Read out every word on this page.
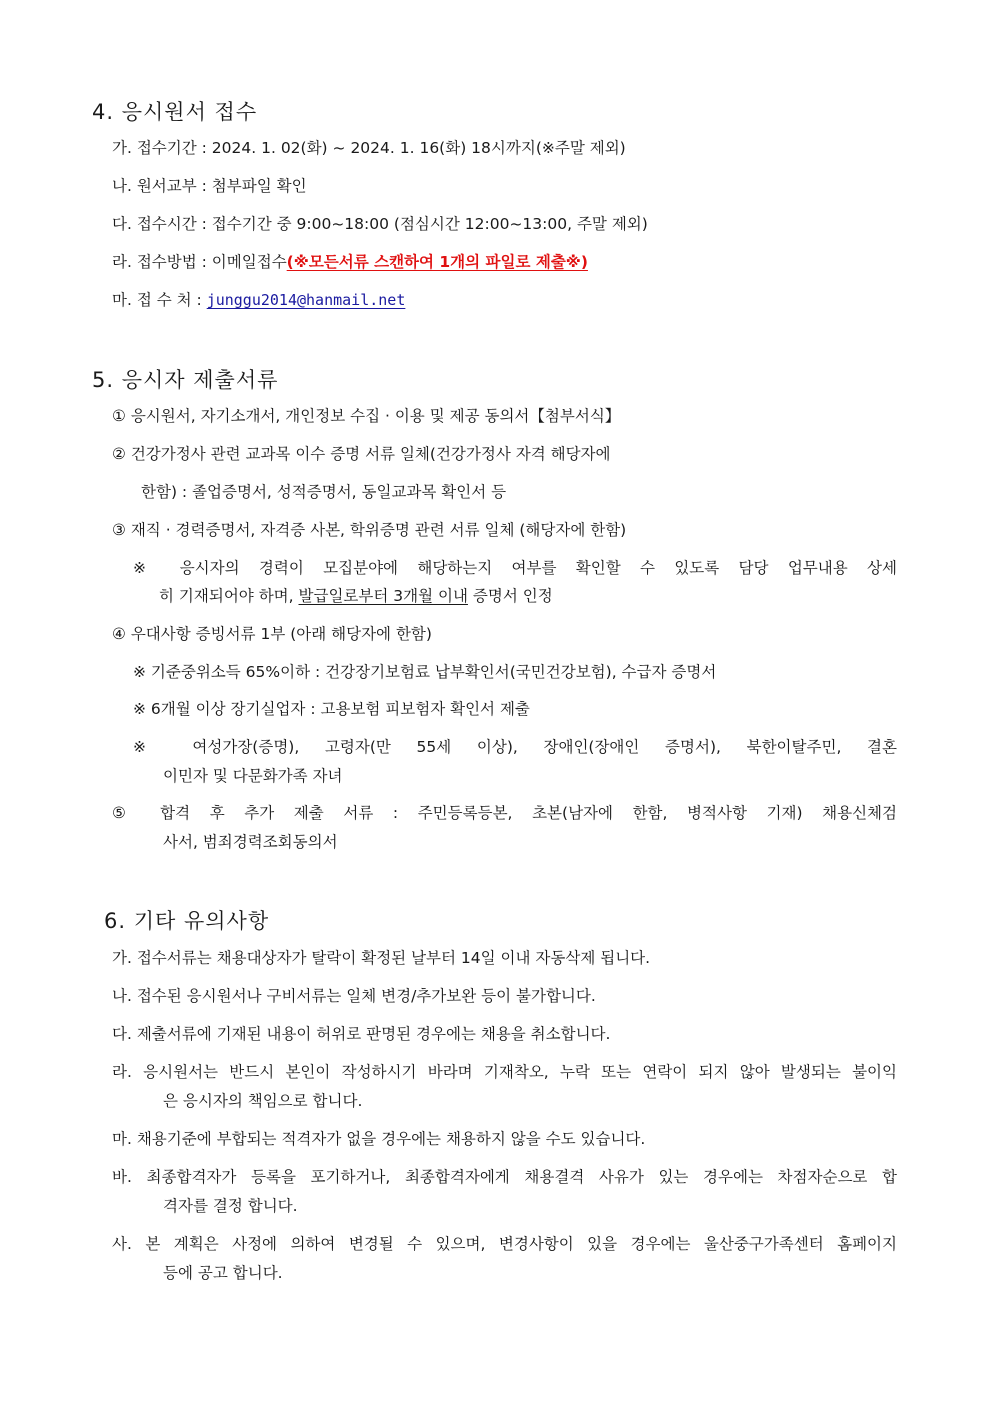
4. 응시원서 접수
가. 접수기간 : 2024. 1. 02(화) ~ 2024. 1. 16(화) 18시까지(※주말 제외)
나. 원서교부 : 첨부파일 확인
다. 접수시간 : 접수기간 중 9:00~18:00 (점심시간 12:00~13:00, 주말 제외)
라. 접수방법 : 이메일접수(※모든서류 스캔하여 1개의 파일로 제출※)
마. 접 수 처 : junggu2014@hanmail.net
5. 응시자 제출서류
① 응시원서, 자기소개서, 개인정보 수집 · 이용 및 제공 동의서【첨부서식】
② 건강가정사 관련 교과목 이수 증명 서류 일체(건강가정사 자격 해당자에
한함) : 졸업증명서, 성적증명서, 동일교과목 확인서 등
③ 재직 · 경력증명서, 자격증 사본, 학위증명 관련 서류 일체 (해당자에 한함)
※ 응시자의 경력이 모집분야에 해당하는지 여부를 확인할 수 있도록 담당 업무내용 상세
히 기재되어야 하며, 발급일로부터 3개월 이내 증명서 인정
④ 우대사항 증빙서류 1부 (아래 해당자에 한함)
※ 기준중위소득 65%이하 : 건강장기보험료 납부확인서(국민건강보험), 수급자 증명서
※ 6개월 이상 장기실업자 : 고용보험 피보험자 확인서 제출
※ 여성가장(증명), 고령자(만 55세 이상), 장애인(장애인 증명서), 북한이탈주민, 결혼
이민자 및 다문화가족 자녀
⑤ 합격 후 추가 제출 서류 : 주민등록등본, 초본(남자에 한함, 병적사항 기재) 채용신체검
사서, 범죄경력조회동의서
6. 기타 유의사항
가. 접수서류는 채용대상자가 탈락이 확정된 날부터 14일 이내 자동삭제 됩니다.
나. 접수된 응시원서나 구비서류는 일체 변경/추가보완 등이 불가합니다.
다. 제출서류에 기재된 내용이 허위로 판명된 경우에는 채용을 취소합니다.
라. 응시원서는 반드시 본인이 작성하시기 바라며 기재착오, 누락 또는 연락이 되지 않아 발생되는 불이익
은 응시자의 책임으로 합니다.
마. 채용기준에 부합되는 적격자가 없을 경우에는 채용하지 않을 수도 있습니다.
바. 최종합격자가 등록을 포기하거나, 최종합격자에게 채용결격 사유가 있는 경우에는 차점자순으로 합
격자를 결정 합니다.
사. 본 계획은 사정에 의하여 변경될 수 있으며, 변경사항이 있을 경우에는 울산중구가족센터 홈페이지
등에 공고 합니다.
